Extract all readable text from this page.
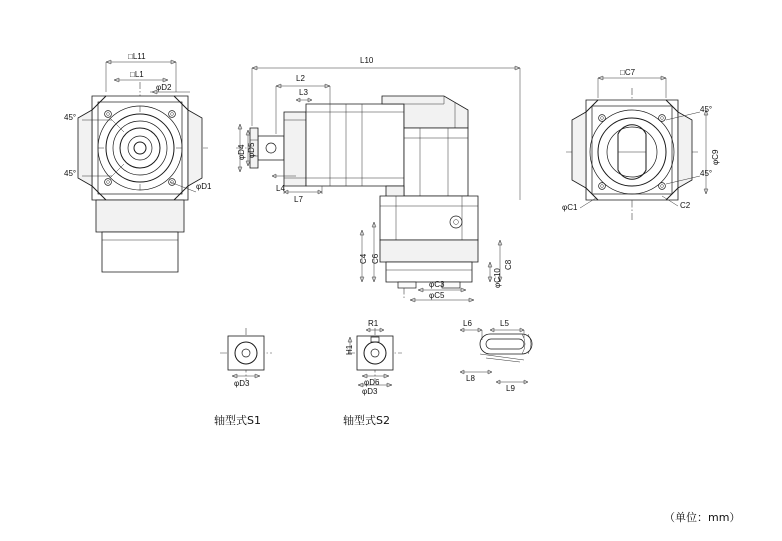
□L11
□L1
φD2
φD1
45°
45°
L10
L2
L3
L4
L7
φD4 φD5
C4 C6
φC3
φC5
C8
φC10
□C7
φC9
φC1	C2
45°
45°
φD3
轴型式S1
R1
H1
φD6
φD3
轴型式S2
L6	L5
L8
L9
（单位：mm）
